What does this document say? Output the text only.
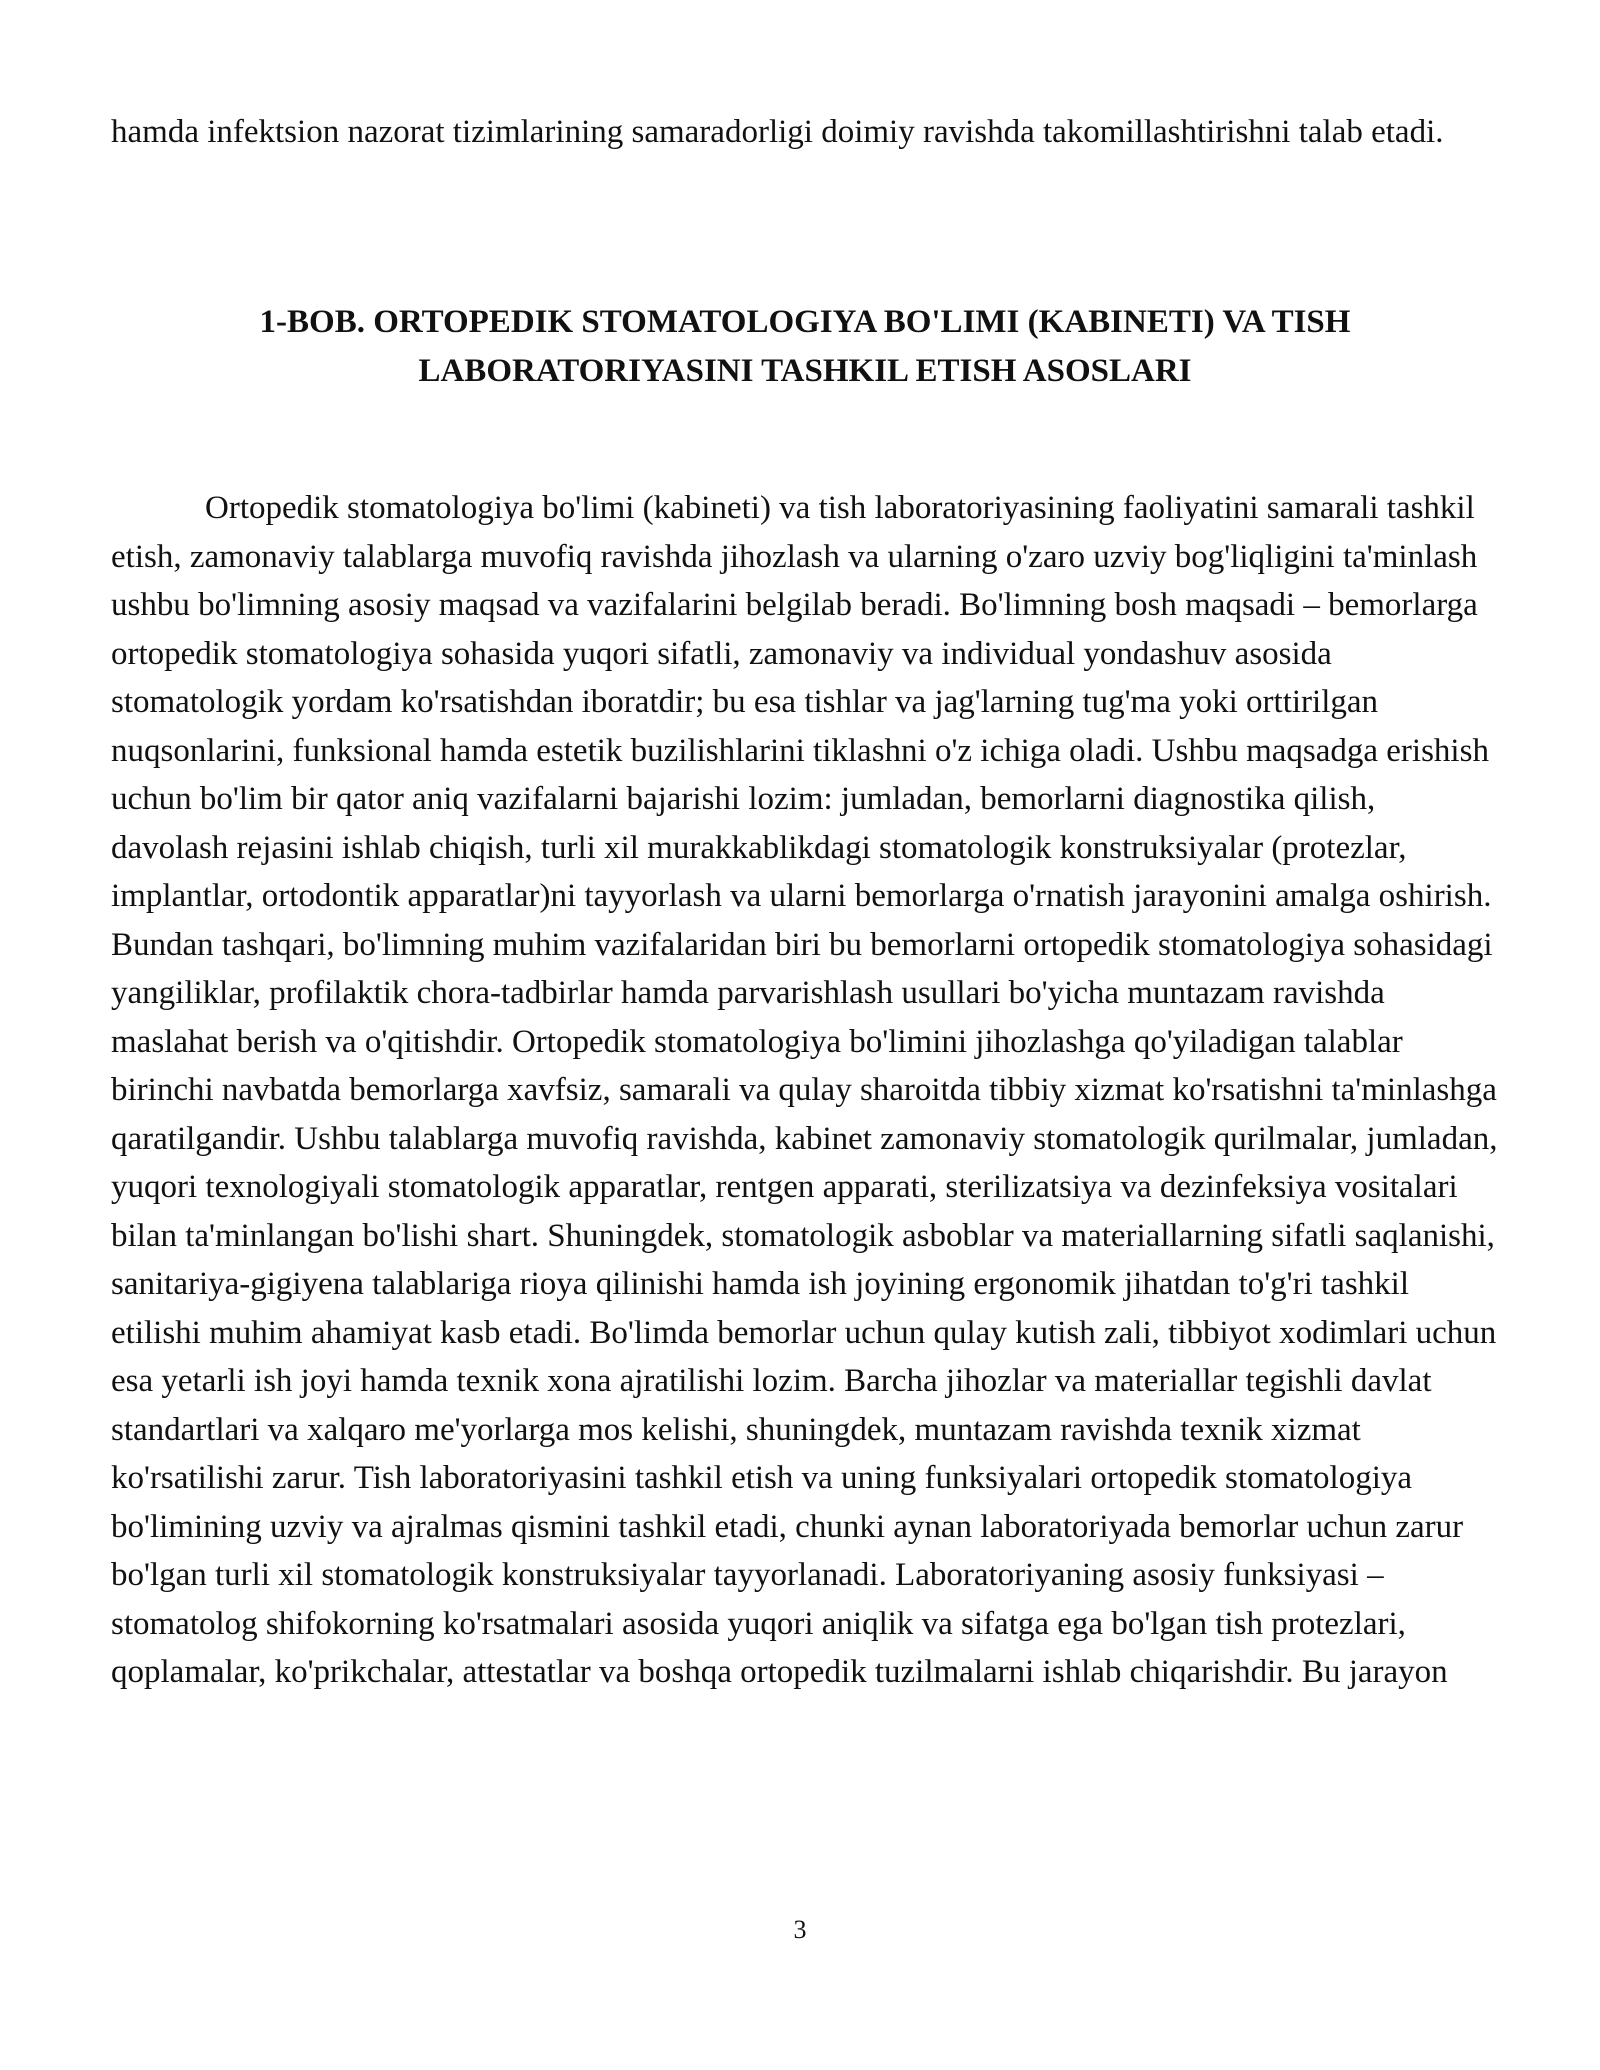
hamda infektsion nazorat tizimlarining samaradorligi doimiy ravishda takomillashtirishni talab etadi.

1-BOB. ORTOPEDIK STOMATOLOGIYA BO'LIMI (KABINETI) VA TISH LABORATORIYASINI TASHKIL ETISH ASOSLARI

Ortopedik stomatologiya bo'limi (kabineti) va tish laboratoriyasining faoliyatini samarali tashkil etish, zamonaviy talablarga muvofiq ravishda jihozlash va ularning o'zaro uzviy bog'liqligini ta'minlash ushbu bo'limning asosiy maqsad va vazifalarini belgilab beradi. Bo'limning bosh maqsadi – bemorlarga ortopedik stomatologiya sohasida yuqori sifatli, zamonaviy va individual yondashuv asosida stomatologik yordam ko'rsatishdan iboratdir; bu esa tishlar va jag'larning tug'ma yoki orttirilgan nuqsonlarini, funksional hamda estetik buzilishlarini tiklashni o'z ichiga oladi. Ushbu maqsadga erishish uchun bo'lim bir qator aniq vazifalarni bajarishi lozim: jumladan, bemorlarni diagnostika qilish, davolash rejasini ishlab chiqish, turli xil murakkablikdagi stomatologik konstruksiyalar (protezlar, implantlar, ortodontik apparatlar)ni tayyorlash va ularni bemorlarga o'rnatish jarayonini amalga oshirish. Bundan tashqari, bo'limning muhim vazifalaridan biri bu bemorlarni ortopedik stomatologiya sohasidagi yangiliklar, profilaktik chora-tadbirlar hamda parvarishlash usullari bo'yicha muntazam ravishda maslahat berish va o'qitishdir. Ortopedik stomatologiya bo'limini jihozlashga qo'yiladigan talablar birinchi navbatda bemorlarga xavfsiz, samarali va qulay sharoitda tibbiy xizmat ko'rsatishni ta'minlashga qaratilgandir. Ushbu talablarga muvofiq ravishda, kabinet zamonaviy stomatologik qurilmalar, jumladan, yuqori texnologiyali stomatologik apparatlar, rentgen apparati, sterilizatsiya va dezinfeksiya vositalari bilan ta'minlangan bo'lishi shart. Shuningdek, stomatologik asboblar va materiallarning sifatli saqlanishi, sanitariya-gigiyena talablariga rioya qilinishi hamda ish joyining ergonomik jihatdan to'g'ri tashkil etilishi muhim ahamiyat kasb etadi. Bo'limda bemorlar uchun qulay kutish zali, tibbiyot xodimlari uchun esa yetarli ish joyi hamda texnik xona ajratilishi lozim. Barcha jihozlar va materiallar tegishli davlat standartlari va xalqaro me'yorlarga mos kelishi, shuningdek, muntazam ravishda texnik xizmat ko'rsatilishi zarur. Tish laboratoriyasini tashkil etish va uning funksiyalari ortopedik stomatologiya bo'limining uzviy va ajralmas qismini tashkil etadi, chunki aynan laboratoriyada bemorlar uchun zarur bo'lgan turli xil stomatologik konstruksiyalar tayyorlanadi. Laboratoriyaning asosiy funksiyasi – stomatolog shifokorning ko'rsatmalari asosida yuqori aniqlik va sifatga ega bo'lgan tish protezlari, qoplamalar, ko'prikchalar, attestatlar va boshqa ortopedik tuzilmalarni ishlab chiqarishdir. Bu jarayon

3
